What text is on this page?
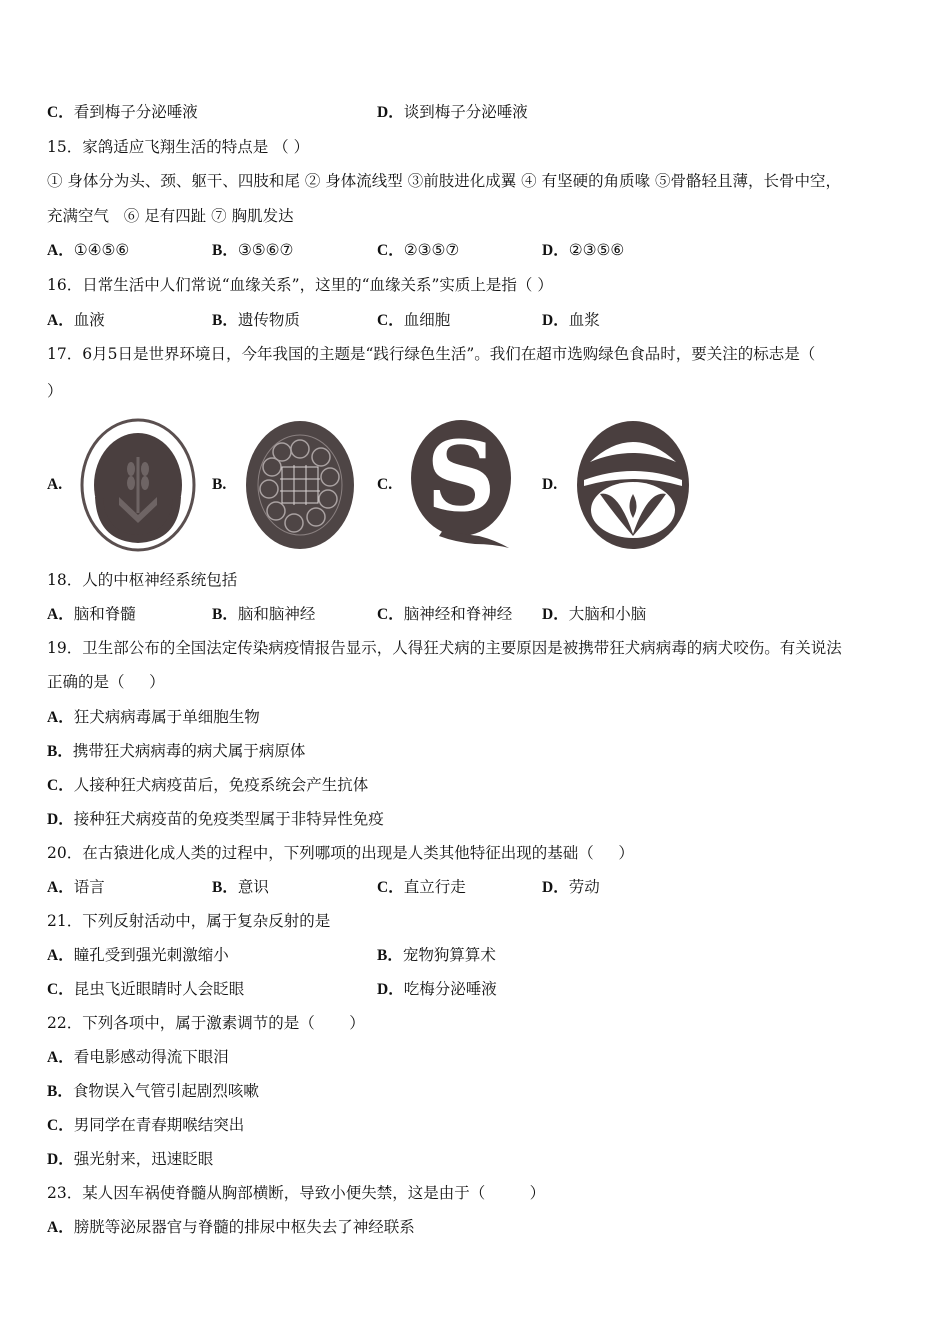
C．看到梅子分泌唾液	D．谈到梅子分泌唾液
15．家鸽适应飞翔生活的特点是 （ ）
① 身体分为头、颈、躯干、四肢和尾 ② 身体流线型 ③前肢进化成翼 ④ 有坚硬的角质喙 ⑤骨骼轻且薄，长骨中空，
充满空气   ⑥ 足有四趾 ⑦ 胸肌发达
A．①④⑤⑥	B．③⑤⑥⑦	C．②③⑤⑦	D．②③⑤⑥
16．日常生活中人们常说“血缘关系”，这里的“血缘关系”实质上是指（ ）
A．血液	B．遗传物质	C．血细胞	D．血浆
17．6月5日是世界环境日，今年我国的主题是“践行绿色生活”。我们在超市选购绿色食品时，要关注的标志是（
）
A.	B.	C. S	D.
18．人的中枢神经系统包括
A．脑和脊髓	B．脑和脑神经	C．脑神经和脊神经 D．大脑和小脑
19．卫生部公布的全国法定传染病疫情报告显示，人得狂犬病的主要原因是被携带狂犬病病毒的病犬咬伤。有关说法
正确的是（     ）
A．狂犬病病毒属于单细胞生物
B．携带狂犬病病毒的病犬属于病原体
C．人接种狂犬病疫苗后，免疫系统会产生抗体
D．接种狂犬病疫苗的免疫类型属于非特异性免疫
20．在古猿进化成人类的过程中，下列哪项的出现是人类其他特征出现的基础（     ）
A．语言	B．意识	C．直立行走	D．劳动
21．下列反射活动中，属于复杂反射的是
A．瞳孔受到强光刺激缩小	B．宠物狗算算术
C．昆虫飞近眼睛时人会眨眼	D．吃梅分泌唾液
22．下列各项中，属于激素调节的是（       ）
A．看电影感动得流下眼泪
B．食物误入气管引起剧烈咳嗽
C．男同学在青春期喉结突出
D．强光射来，迅速眨眼
23．某人因车祸使脊髓从胸部横断，导致小便失禁，这是由于（         ）
A．膀胱等泌尿器官与脊髓的排尿中枢失去了神经联系
